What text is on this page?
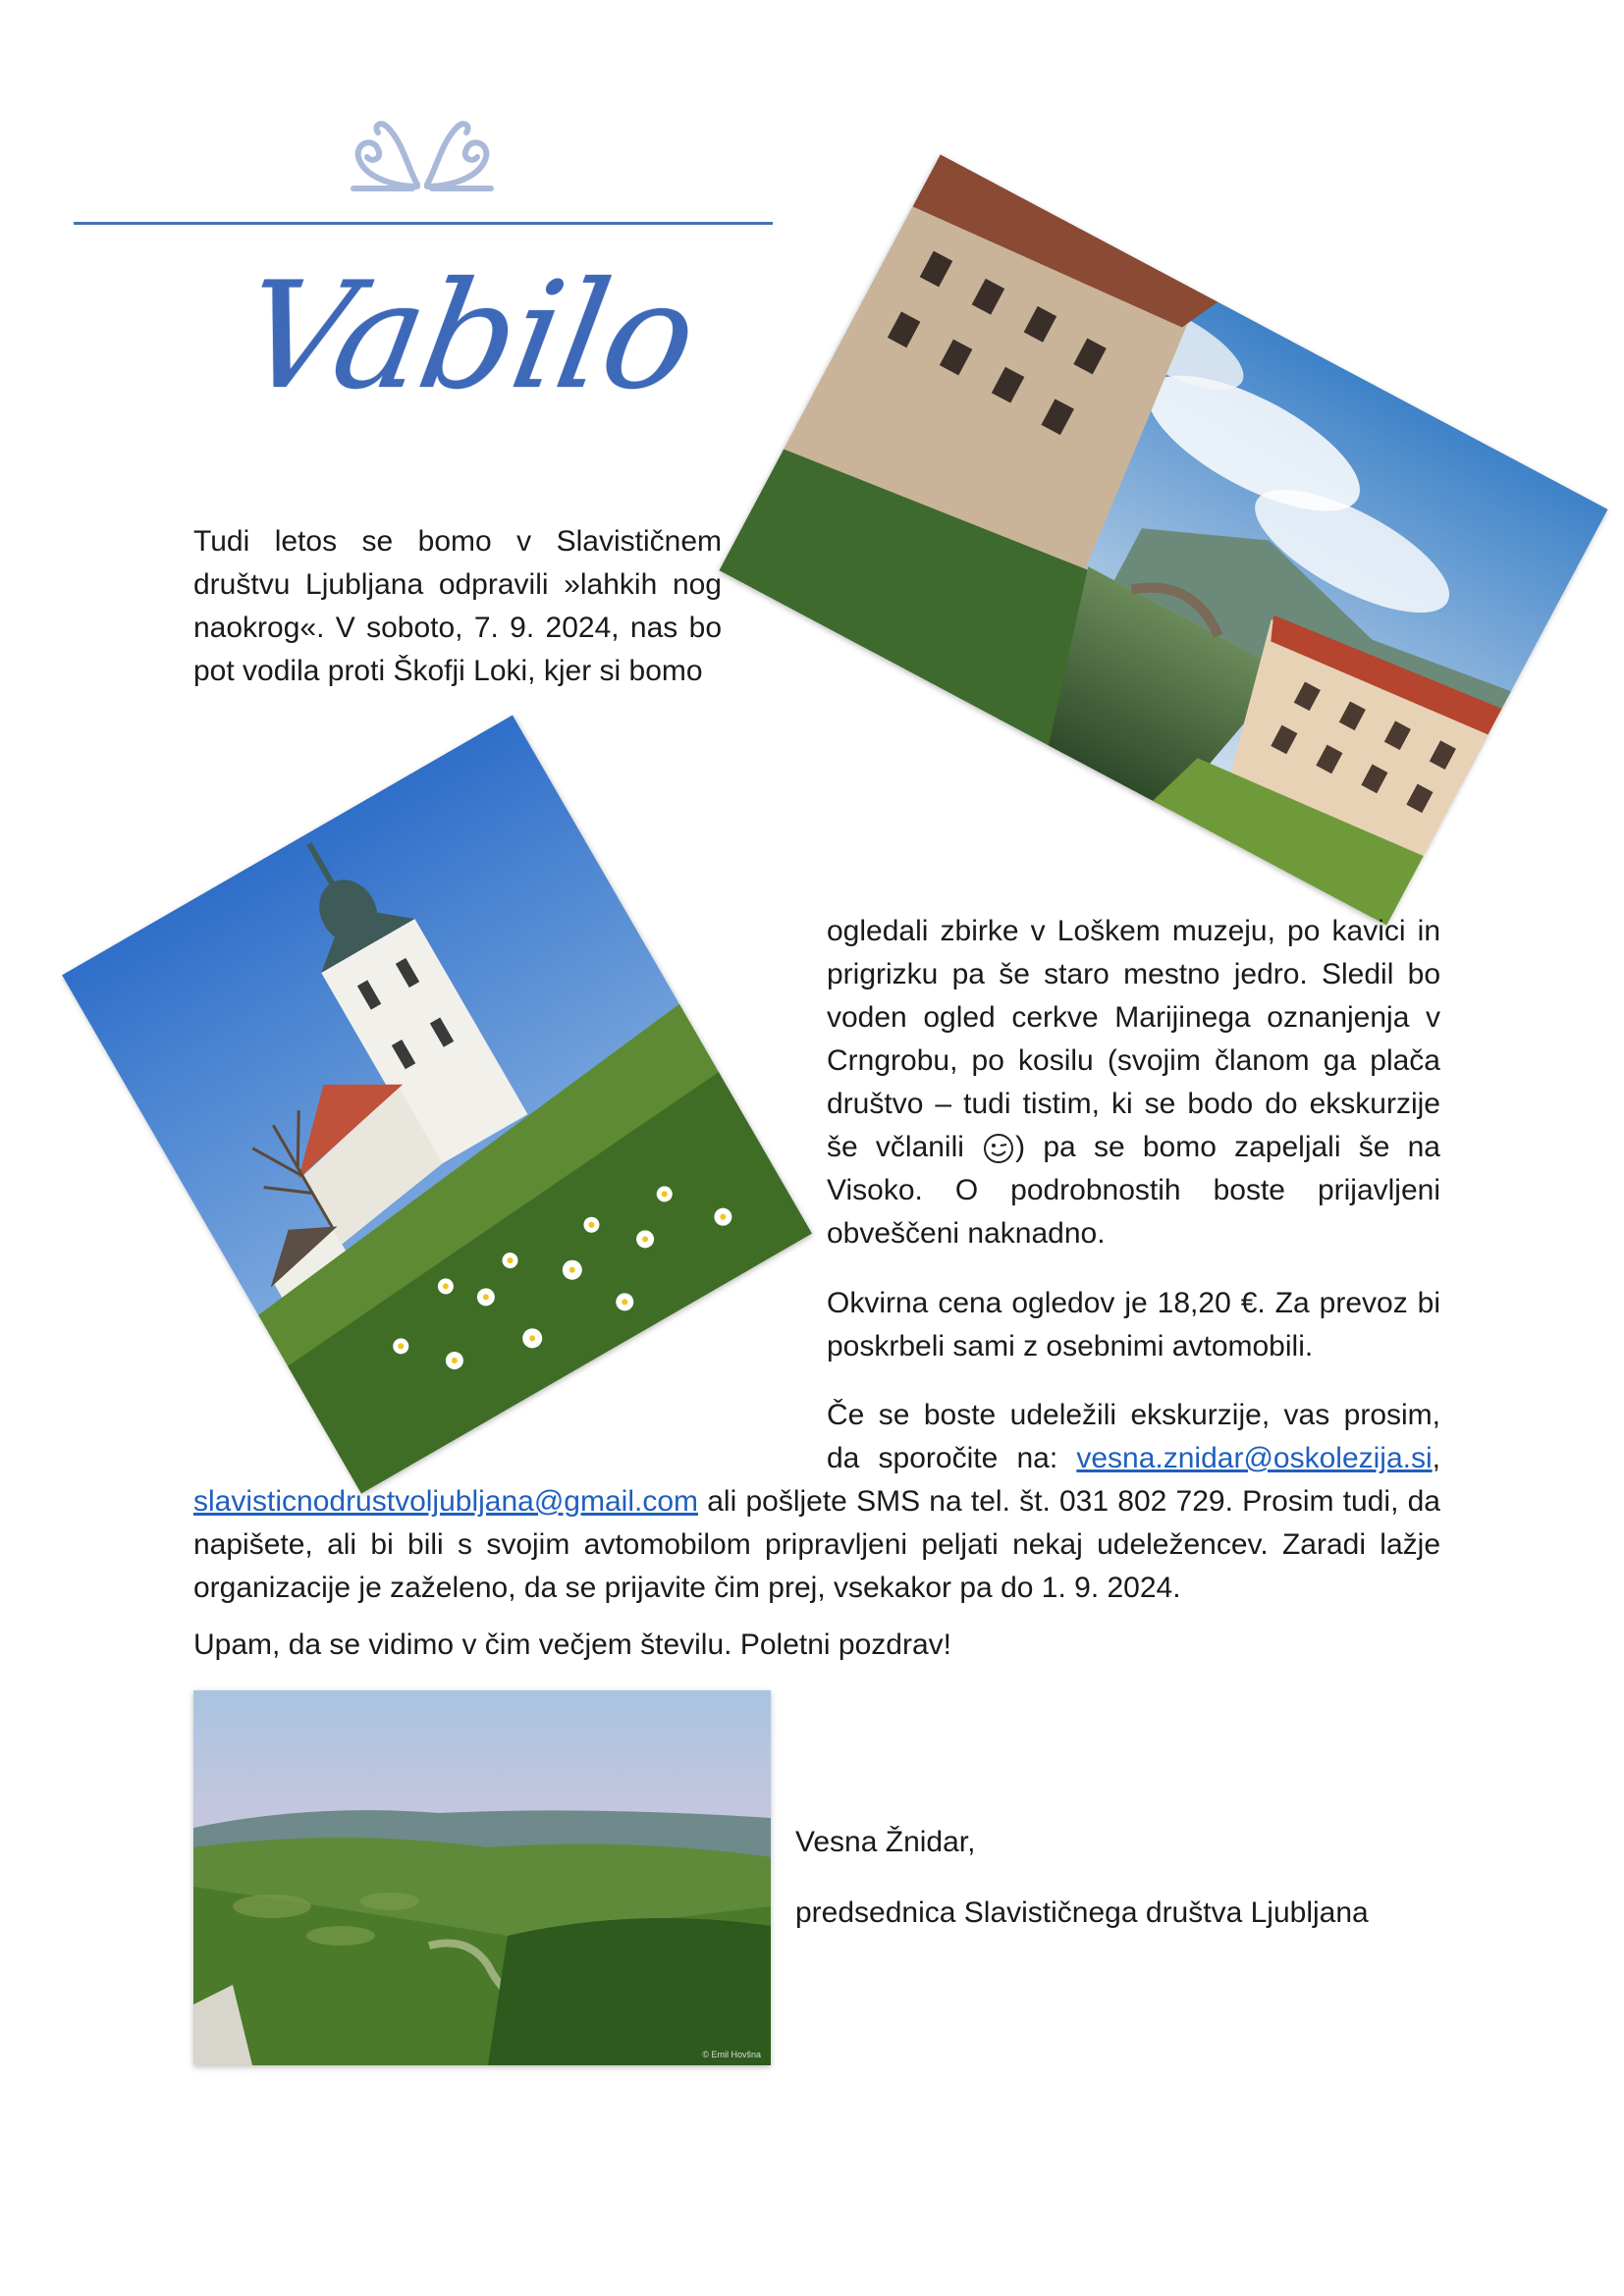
Vabilo
Tudi letos se bomo v Slavističnem društvu Ljubljana odpravili »lahkih nog naokrog«. V soboto, 7. 9. 2024, nas bo pot vodila proti Škofji Loki, kjer si bomo
ogledali zbirke v Loškem muzeju, po kavici in prigrizku pa še staro mestno jedro. Sledil bo voden ogled cerkve Marijinega oznanjenja v Crngrobu, po kosilu (svojim članom ga plača društvo – tudi tistim, ki se bodo do ekskurzije še včlanili ) pa se bomo zapeljali še na Visoko. O podrobnostih boste prijavljeni obveščeni naknadno.
Okvirna cena ogledov je 18,20 €. Za prevoz bi poskrbeli sami z osebnimi avtomobili.
Če se boste udeležili ekskurzije, vas prosim, da sporočite na: vesna.znidar@oskolezija.si,
slavisticnodrustvoljubljana@gmail.com ali pošljete SMS na tel. št. 031 802 729. Prosim tudi, da napišete, ali bi bili s svojim avtomobilom pripravljeni peljati nekaj udeležencev. Zaradi lažje organizacije je zaželeno, da se prijavite čim prej, vsekakor pa do 1. 9. 2024.
Upam, da se vidimo v čim večjem številu. Poletni pozdrav!
© Emil Hovšna
Vesna Žnidar,
predsednica Slavističnega društva Ljubljana
